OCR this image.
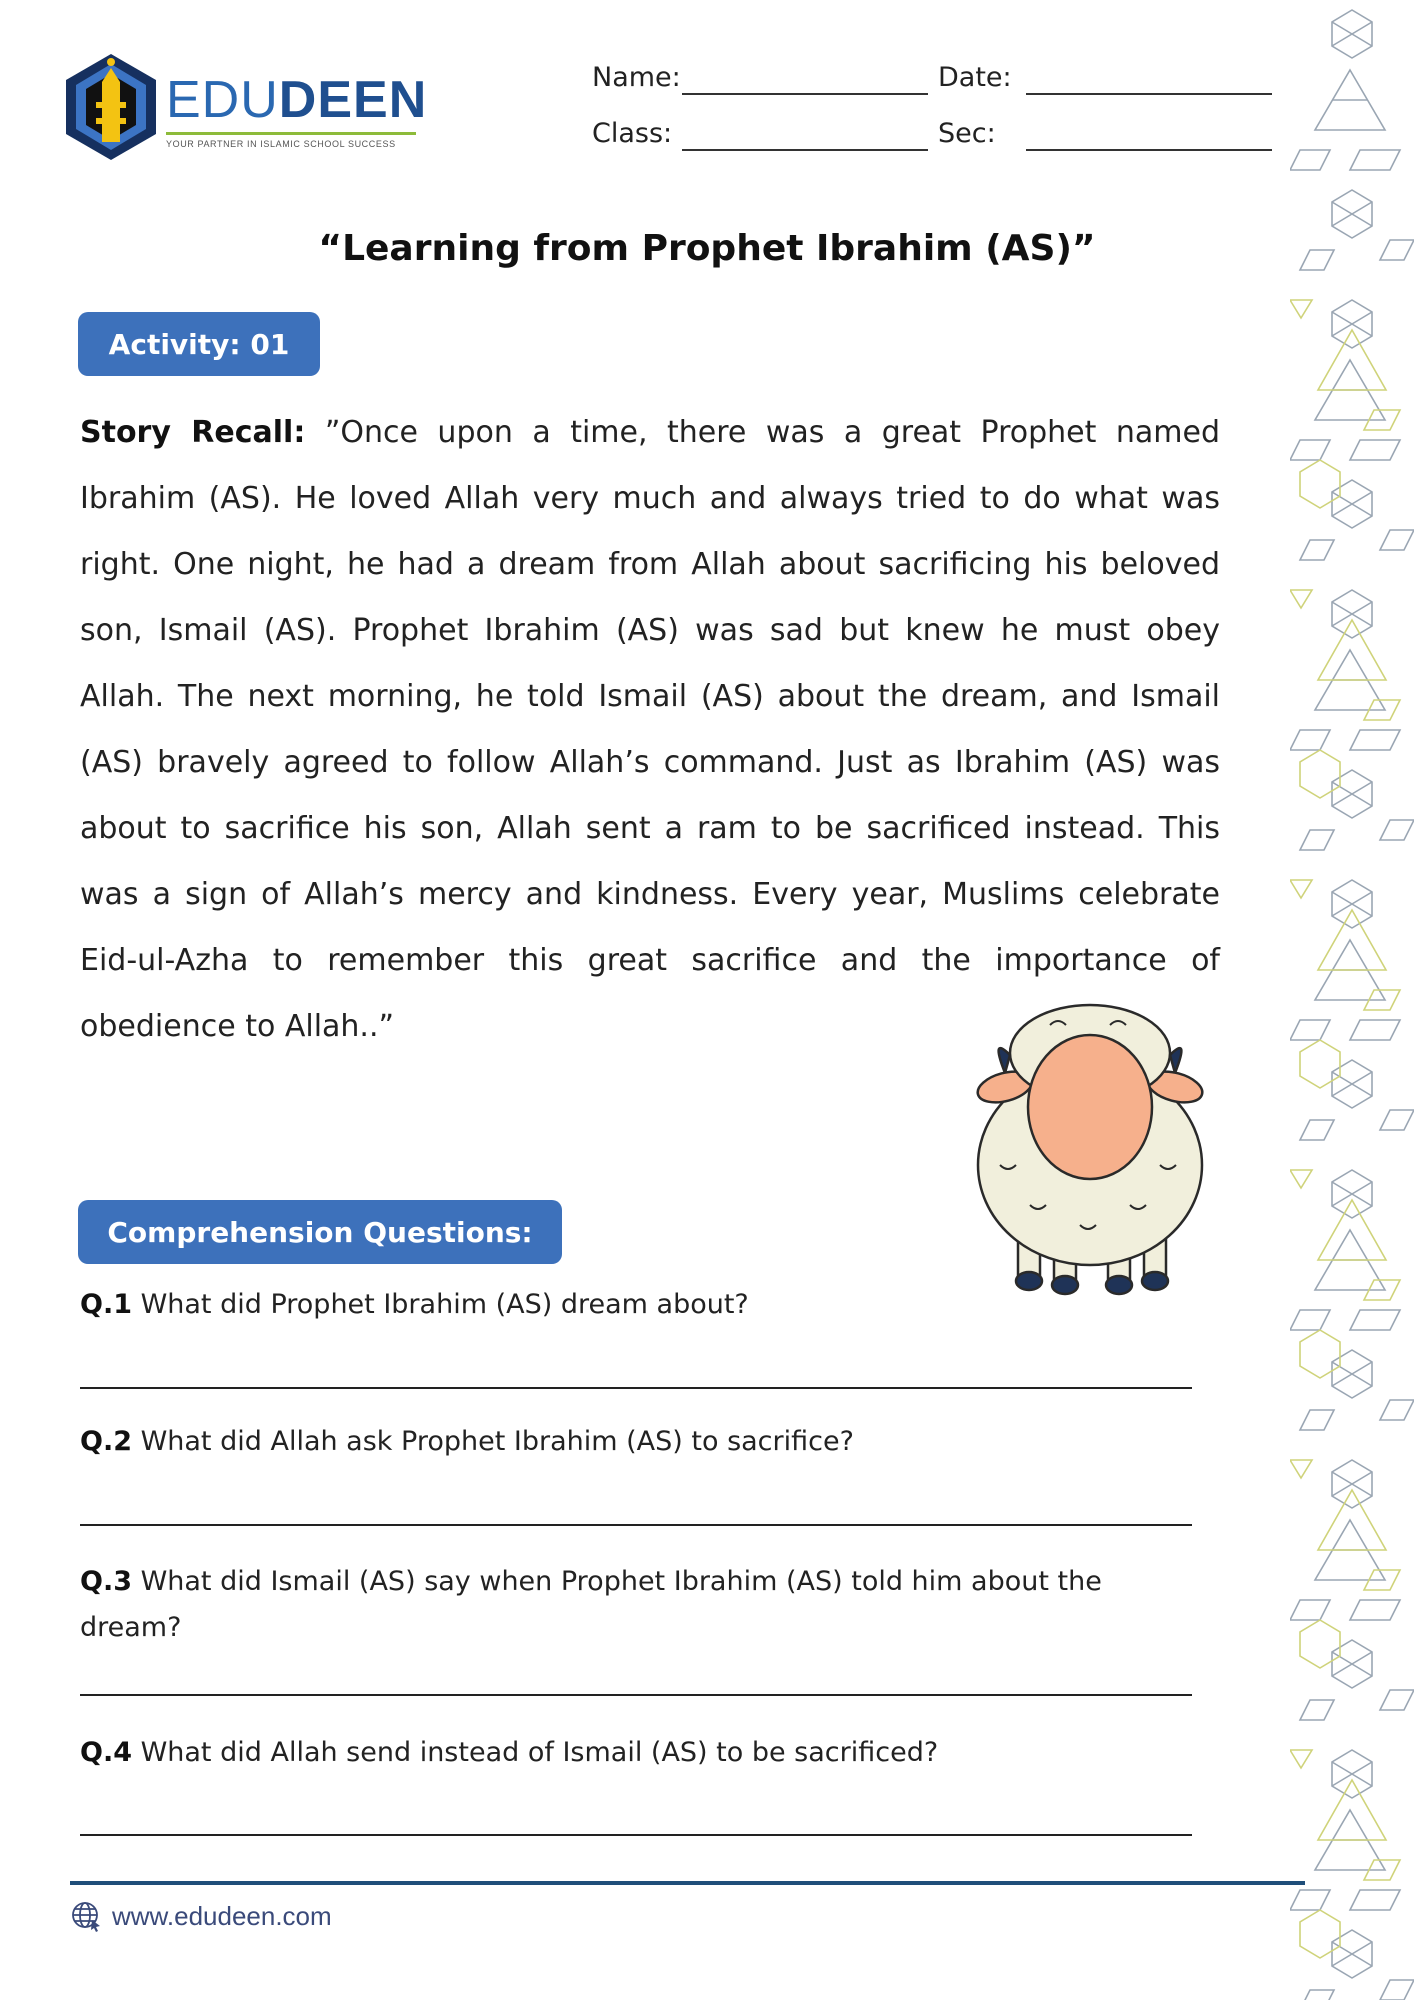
EDUDEEN
YOUR PARTNER IN ISLAMIC SCHOOL SUCCESS
Name:	Date:
Class:	Sec:
“Learning from Prophet Ibrahim (AS)”
Activity: 01
Story Recall: ”Once upon a time, there was a great Prophet named Ibrahim (AS). He loved Allah very much and always tried to do what was right. One night, he had a dream from Allah about sacrificing his beloved son, Ismail (AS). Prophet Ibrahim (AS) was sad but knew he must obey Allah. The next morning, he told Ismail (AS) about the dream, and Ismail (AS) bravely agreed to follow Allah’s command. Just as Ibrahim (AS) was about to sacrifice his son, Allah sent a ram to be sacrificed instead. This was a sign of Allah’s mercy and kindness. Every year, Muslims celebrate Eid-ul-Azha to remember this great sacrifice and the importance of obedience to Allah..”
Comprehension Questions:
Q.1 What did Prophet Ibrahim (AS) dream about?
Q.2 What did Allah ask Prophet Ibrahim (AS) to sacrifice?
Q.3 What did Ismail (AS) say when Prophet Ibrahim (AS) told him about the dream?
Q.4 What did Allah send instead of Ismail (AS) to be sacrificed?
www.edudeen.com
